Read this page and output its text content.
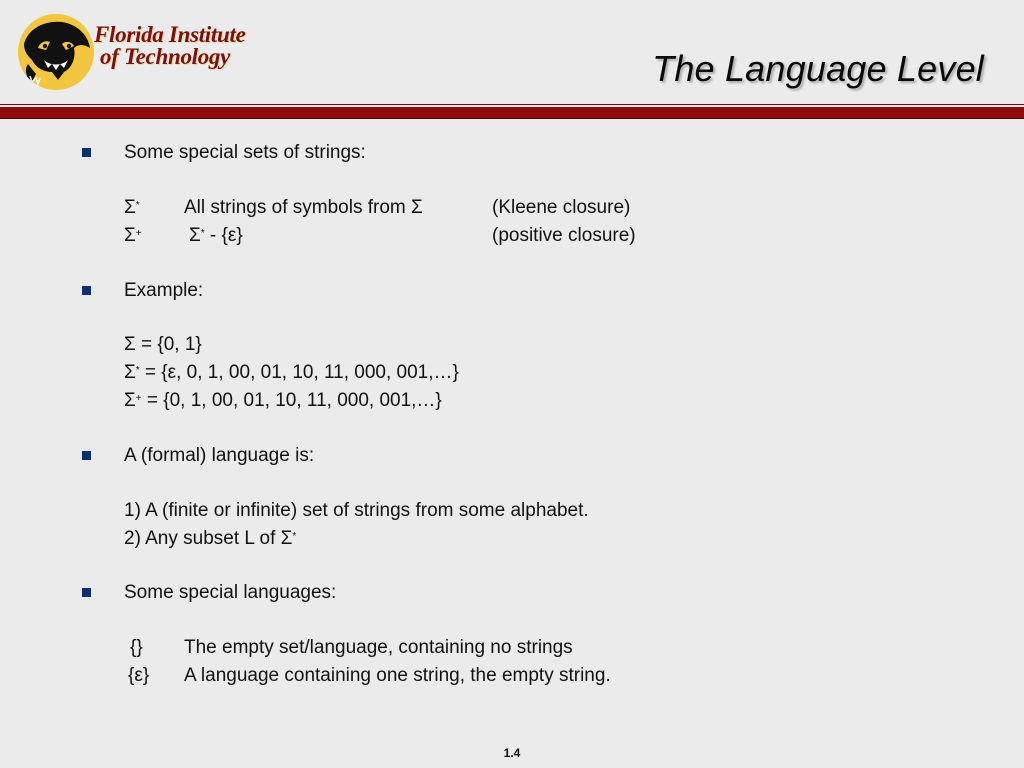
Florida Institute
of Technology	The Language Level
Some special sets of strings:
Σ* All strings of symbols from Σ	(Kleene closure)
Σ+ Σ* - {ε}	(positive closure)
Example:
Σ = {0, 1}
Σ* = {ε, 0, 1, 00, 01, 10, 11, 000, 001,…}
Σ+ = {0, 1, 00, 01, 10, 11, 000, 001,…}
A (formal) language is:
1) A (finite or infinite) set of strings from some alphabet.
2) Any subset L of Σ*
Some special languages:
{} The empty set/language, containing no strings
{ε} A language containing one string, the empty string.
1.4
